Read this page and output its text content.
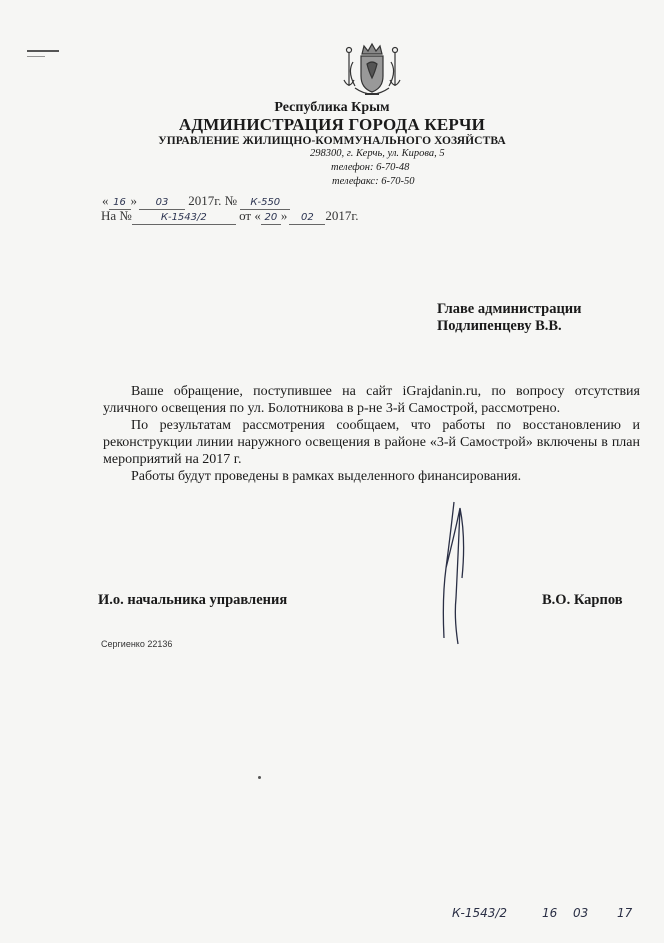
Республика Крым
АДМИНИСТРАЦИЯ ГОРОДА КЕРЧИ
УПРАВЛЕНИЕ ЖИЛИЩНО-КОММУНАЛЬНОГО ХОЗЯЙСТВА
298300, г. Керчь, ул. Кирова, 5
телефон: 6-70-48
телефакс: 6-70-50
« 16 » 03 2017г. № К-550
На №	К-1543/2 от « 20 » 02 2017г.
Главе администрации
Подлипенцеву В.В.

Ваше обращение, поступившее на сайт iGrajdanin.ru, по вопросу отсутствия уличного освещения по ул. Болотникова в р-не 3-й Самострой, рассмотрено.

По результатам рассмотрения сообщаем, что работы по восстановлению и реконструкции линии наружного освещения в районе «3-й Самострой» включены в план мероприятий на 2017 г.

Работы будут проведены в рамках выделенного финансирования.

И.о. начальника управления	В.О. Карпов
Сергиенко 22136
К-1543/2	16 03 17
